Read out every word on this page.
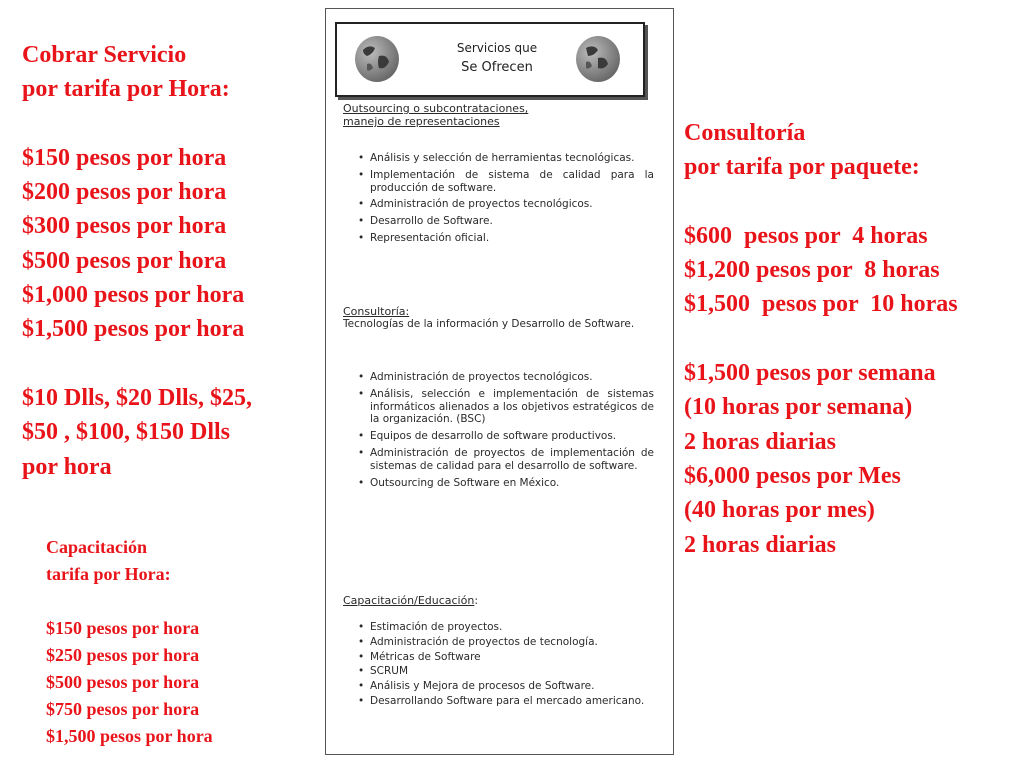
Cobrar Servicio
por tarifa por Hora:
$150 pesos por hora
$200 pesos por hora
$300 pesos por hora
$500 pesos por hora
$1,000 pesos por hora
$1,500 pesos por hora
$10 Dlls, $20 Dlls, $25,
$50 , $100, $150 Dlls
por hora
Capacitación
tarifa por Hora:
$150 pesos por hora
$250 pesos por hora
$500 pesos por hora
$750 pesos por hora
$1,500 pesos por hora
Consultoría
por tarifa por paquete:
$600  pesos por  4 horas
$1,200 pesos por  8 horas
$1,500  pesos por  10 horas
$1,500 pesos por semana
(10 horas por semana)
2 horas diarias
$6,000 pesos por Mes
(40 horas por mes)
2 horas diarias
Servicios que
Se Ofrecen
Outsourcing o subcontrataciones,
manejo de representaciones
• Análisis y selección de herramientas tecnológicas.
• Implementación de sistema de calidad para la producción de software.
• Administración de proyectos tecnológicos.
• Desarrollo de Software.
• Representación oficial.
Consultoría:
Tecnologías de la información y Desarrollo de Software.
• Administración de proyectos tecnológicos.
• Análisis, selección e implementación de sistemas informáticos alienados a los objetivos estratégicos de la organización. (BSC)
• Equipos de desarrollo de software productivos.
• Administración de proyectos de implementación de sistemas de calidad para el desarrollo de software.
• Outsourcing de Software en México.
Capacitación/Educación:
• Estimación de proyectos.
• Administración de proyectos de tecnología.
• Métricas de Software
• SCRUM
• Análisis y Mejora de procesos de Software.
• Desarrollando Software para el mercado americano.
